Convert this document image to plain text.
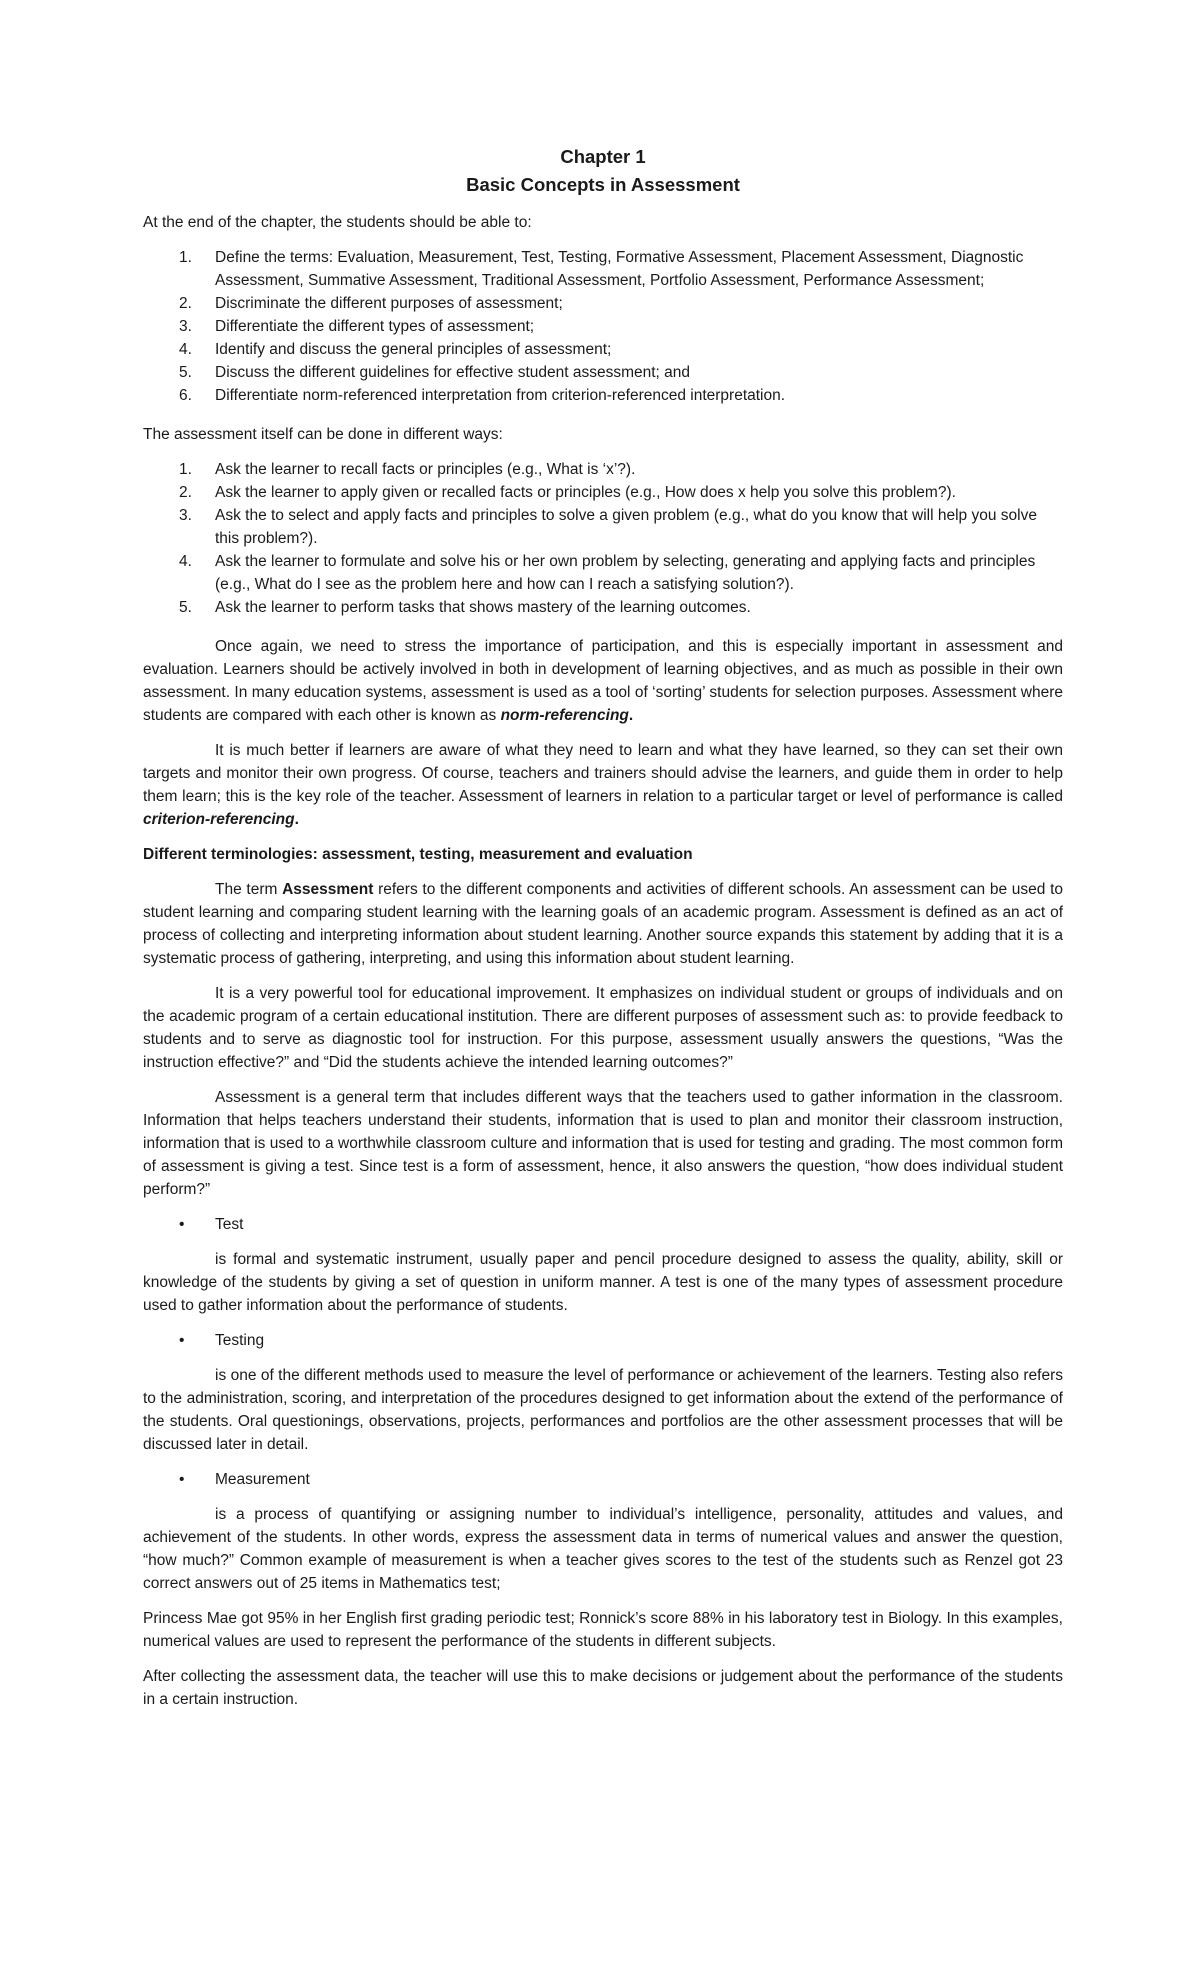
Chapter 1

Basic Concepts in Assessment

At the end of the chapter, the students should be able to:

1.	Define the terms: Evaluation, Measurement, Test, Testing, Formative Assessment, Placement Assessment, Diagnostic Assessment, Summative Assessment, Traditional Assessment, Portfolio Assessment, Performance Assessment;
2.	Discriminate the different purposes of assessment;
3.	Differentiate the different types of assessment;
4.	Identify and discuss the general principles of assessment;
5.	Discuss the different guidelines for effective student assessment; and
6.	Differentiate norm-referenced interpretation from criterion-referenced interpretation.

The assessment itself can be done in different ways:

1.	Ask the learner to recall facts or principles (e.g., What is ‘x’?).
2.	Ask the learner to apply given or recalled facts or principles (e.g., How does x help you solve this problem?).
3.	Ask the to select and apply facts and principles to solve a given problem (e.g., what do you know that will help you solve this problem?).
4.	Ask the learner to formulate and solve his or her own problem by selecting, generating and applying facts and principles (e.g., What do I see as the problem here and how can I reach a satisfying solution?).
5.	Ask the learner to perform tasks that shows mastery of the learning outcomes.

Once again, we need to stress the importance of participation, and this is especially important in assessment and evaluation. Learners should be actively involved in both in development of learning objectives, and as much as possible in their own assessment. In many education systems, assessment is used as a tool of ‘sorting’ students for selection purposes. Assessment where students are compared with each other is known as norm-referencing.

It is much better if learners are aware of what they need to learn and what they have learned, so they can set their own targets and monitor their own progress. Of course, teachers and trainers should advise the learners, and guide them in order to help them learn; this is the key role of the teacher. Assessment of learners in relation to a particular target or level of performance is called criterion-referencing.

Different terminologies: assessment, testing, measurement and evaluation

The term Assessment refers to the different components and activities of different schools. An assessment can be used to student learning and comparing student learning with the learning goals of an academic program. Assessment is defined as an act of process of collecting and interpreting information about student learning. Another source expands this statement by adding that it is a systematic process of gathering, interpreting, and using this information about student learning.

It is a very powerful tool for educational improvement. It emphasizes on individual student or groups of individuals and on the academic program of a certain educational institution. There are different purposes of assessment such as: to provide feedback to students and to serve as diagnostic tool for instruction. For this purpose, assessment usually answers the questions, “Was the instruction effective?” and “Did the students achieve the intended learning outcomes?”

Assessment is a general term that includes different ways that the teachers used to gather information in the classroom. Information that helps teachers understand their students, information that is used to plan and monitor their classroom instruction, information that is used to a worthwhile classroom culture and information that is used for testing and grading. The most common form of assessment is giving a test. Since test is a form of assessment, hence, it also answers the question, “how does individual student perform?”

• Test

is formal and systematic instrument, usually paper and pencil procedure designed to assess the quality, ability, skill or knowledge of the students by giving a set of question in uniform manner. A test is one of the many types of assessment procedure used to gather information about the performance of students.

• Testing

is one of the different methods used to measure the level of performance or achievement of the learners. Testing also refers to the administration, scoring, and interpretation of the procedures designed to get information about the extend of the performance of the students. Oral questionings, observations, projects, performances and portfolios are the other assessment processes that will be discussed later in detail.

• Measurement

is a process of quantifying or assigning number to individual’s intelligence, personality, attitudes and values, and achievement of the students. In other words, express the assessment data in terms of numerical values and answer the question, “how much?” Common example of measurement is when a teacher gives scores to the test of the students such as Renzel got 23 correct answers out of 25 items in Mathematics test;

Princess Mae got 95% in her English first grading periodic test; Ronnick’s score 88% in his laboratory test in Biology. In this examples, numerical values are used to represent the performance of the students in different subjects.

After collecting the assessment data, the teacher will use this to make decisions or judgement about the performance of the students in a certain instruction.
